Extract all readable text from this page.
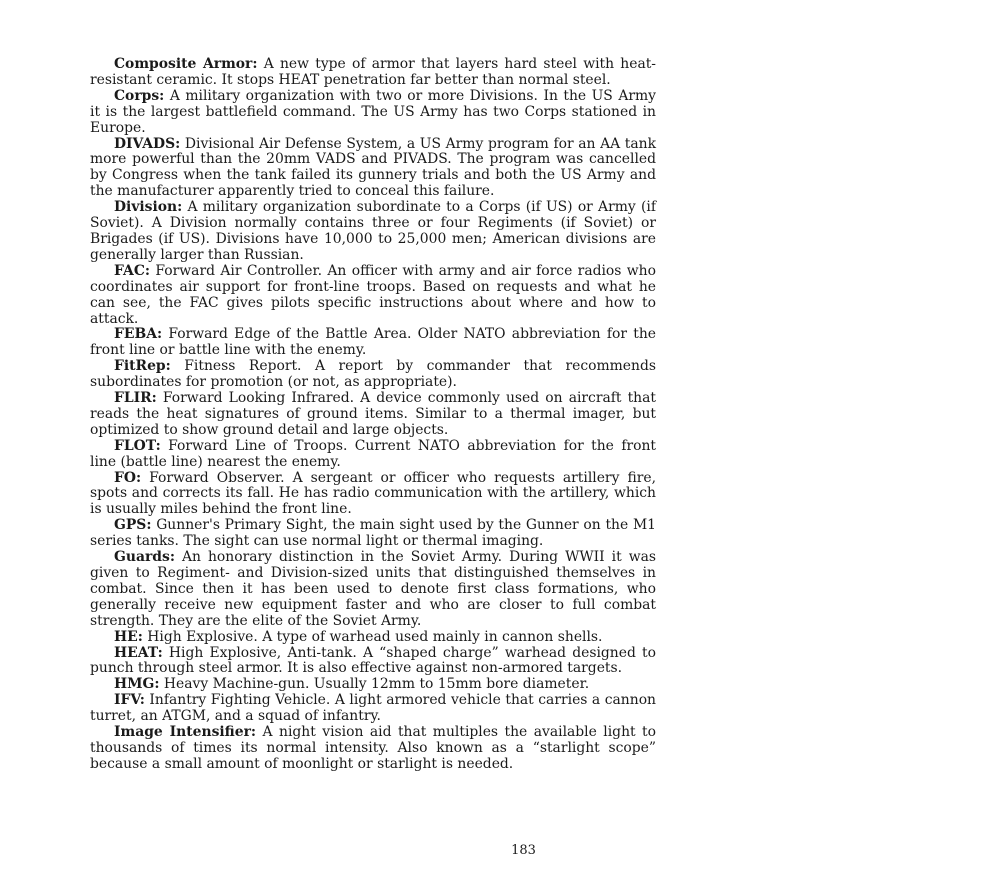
Composite Armor: A new type of armor that layers hard steel with heat-resistant ceramic. It stops HEAT penetration far better than normal steel.

Corps: A military organization with two or more Divisions. In the US Army it is the largest battlefield command. The US Army has two Corps stationed in Europe.

DIVADS: Divisional Air Defense System, a US Army program for an AA tank more powerful than the 20mm VADS and PIVADS. The program was cancelled by Congress when the tank failed its gunnery trials and both the US Army and the manufacturer apparently tried to conceal this failure.

Division: A military organization subordinate to a Corps (if US) or Army (if Soviet). A Division normally contains three or four Regiments (if Soviet) or Brigades (if US). Divisions have 10,000 to 25,000 men; American divisions are generally larger than Russian.

FAC: Forward Air Controller. An officer with army and air force radios who coordinates air support for front-line troops. Based on requests and what he can see, the FAC gives pilots specific instructions about where and how to attack.

FEBA: Forward Edge of the Battle Area. Older NATO abbreviation for the front line or battle line with the enemy.

FitRep: Fitness Report. A report by commander that recommends subordinates for promotion (or not, as appropriate).

FLIR: Forward Looking Infrared. A device commonly used on aircraft that reads the heat signatures of ground items. Similar to a thermal imager, but optimized to show ground detail and large objects.

FLOT: Forward Line of Troops. Current NATO abbreviation for the front line (battle line) nearest the enemy.

FO: Forward Observer. A sergeant or officer who requests artillery fire, spots and corrects its fall. He has radio communication with the artillery, which is usually miles behind the front line.

GPS: Gunner's Primary Sight, the main sight used by the Gunner on the M1 series tanks. The sight can use normal light or thermal imaging.

Guards: An honorary distinction in the Soviet Army. During WWII it was given to Regiment- and Division-sized units that distinguished themselves in combat. Since then it has been used to denote first class formations, who generally receive new equipment faster and who are closer to full combat strength. They are the elite of the Soviet Army.

HE: High Explosive. A type of warhead used mainly in cannon shells.

HEAT: High Explosive, Anti-tank. A “shaped charge” warhead designed to punch through steel armor. It is also effective against non-armored targets.

HMG: Heavy Machine-gun. Usually 12mm to 15mm bore diameter.

IFV: Infantry Fighting Vehicle. A light armored vehicle that carries a cannon turret, an ATGM, and a squad of infantry.

Image Intensifier: A night vision aid that multiples the available light to thousands of times its normal intensity. Also known as a “starlight scope” because a small amount of moonlight or starlight is needed.

183
